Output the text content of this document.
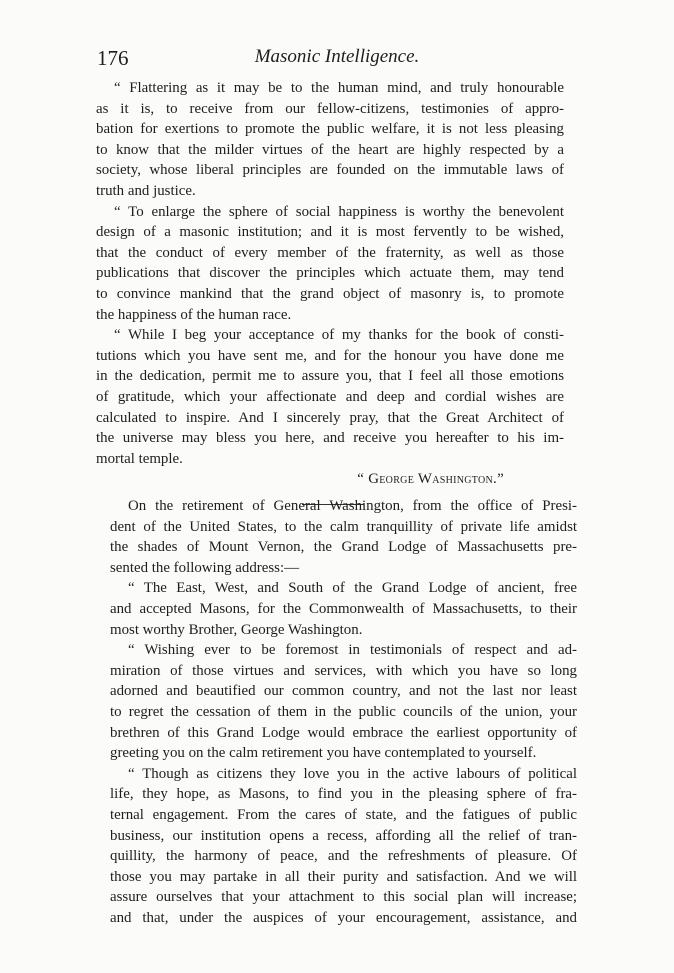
176	Masonic Intelligence.
“ Flattering as it may be to the human mind, and truly honourable
as it is, to receive from our fellow-citizens, testimonies of appro-
bation for exertions to promote the public welfare, it is not less pleasing
to know that the milder virtues of the heart are highly respected by a
society, whose liberal principles are founded on the immutable laws of
truth and justice.
“ To enlarge the sphere of social happiness is worthy the benevolent
design of a masonic institution; and it is most fervently to be wished,
that the conduct of every member of the fraternity, as well as those
publications that discover the principles which actuate them, may tend
to convince mankind that the grand object of masonry is, to promote
the happiness of the human race.
“ While I beg your acceptance of my thanks for the book of consti-
tutions which you have sent me, and for the honour you have done me
in the dedication, permit me to assure you, that I feel all those emotions
of gratitude, which your affectionate and deep and cordial wishes are
calculated to inspire. And I sincerely pray, that the Great Architect of
the universe may bless you here, and receive you hereafter to his im-
mortal temple.
“ George Washington.”
On the retirement of General Washington, from the office of Presi-
dent of the United States, to the calm tranquillity of private life amidst
the shades of Mount Vernon, the Grand Lodge of Massachusetts pre-
sented the following address:—
“ The East, West, and South of the Grand Lodge of ancient, free
and accepted Masons, for the Commonwealth of Massachusetts, to their
most worthy Brother, George Washington.
“ Wishing ever to be foremost in testimonials of respect and ad-
miration of those virtues and services, with which you have so long
adorned and beautified our common country, and not the last nor least
to regret the cessation of them in the public councils of the union, your
brethren of this Grand Lodge would embrace the earliest opportunity of
greeting you on the calm retirement you have contemplated to yourself.
“ Though as citizens they love you in the active labours of political
life, they hope, as Masons, to find you in the pleasing sphere of fra-
ternal engagement. From the cares of state, and the fatigues of public
business, our institution opens a recess, affording all the relief of tran-
quillity, the harmony of peace, and the refreshments of pleasure. Of
those you may partake in all their purity and satisfaction. And we will
assure ourselves that your attachment to this social plan will increase;
and that, under the auspices of your encouragement, assistance, and
